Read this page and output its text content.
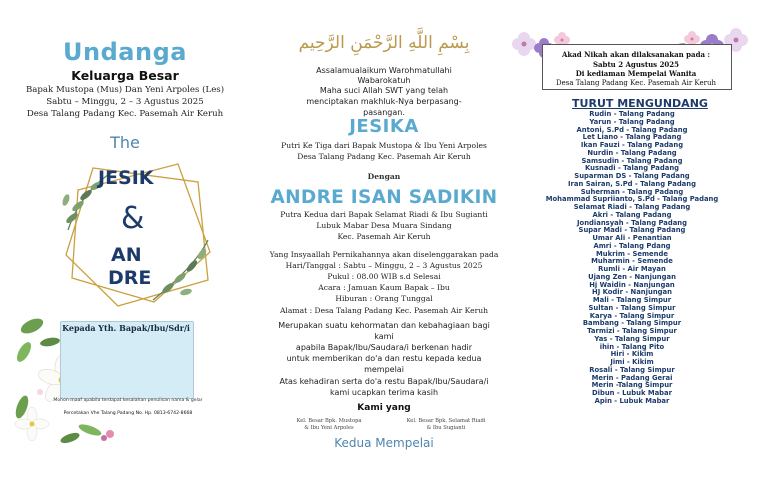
Undanga
Keluarga Besar
Bapak Mustopa (Mus) Dan Yeni Arpoles (Les)
Sabtu – Minggu, 2 – 3 Agustus 2025
Desa Talang Padang Kec. Pasemah Air Keruh
The
JESIK
&
AN
DRE
Kepada Yth. Bapak/Ibu/Sdr/i
Mohon maaf apabila terdapat kesalahan penulisan nama & gelar
Percetakan Vhe Talang Padang No. Hp. 0813-6742-8668
بِسْمِ اللَّهِ الرَّحْمَنِ الرَّحِيم
Assalamualaikum Warohmatullahi
Wabarokatuh
Maha suci Allah SWT yang telah
menciptakan makhluk-Nya berpasang-
pasangan.
JESIKA
Putri Ke Tiga dari Bapak Mustopa & Ibu Yeni Arpoles
Desa Talang Padang Kec. Pasemah Air Keruh
Dengan
ANDRE ISAN SADIKIN
Putra Kedua dari Bapak Selamat Riadi & Ibu Sugianti
Lubuk Mabar Desa Muara Sindang
Kec. Pasemah Air Keruh
Yang Insyaallah Pernikahannya akan diselenggarakan pada
Hari/Tanggal : Sabtu – Minggu, 2 – 3 Agustus 2025
Pukul : 08.00 WIB s.d Selesai
Acara : Jamuan Kaum Bapak – Ibu
Hiburan : Orang Tunggal
Alamat : Desa Talang Padang Kec. Pasemah Air Keruh
Merupakan suatu kehormatan dan kebahagiaan bagi
kami
apabila Bapak/Ibu/Saudara/i berkenan hadir
untuk memberikan do'a dan restu kepada kedua
mempelai
Atas kehadiran serta do'a restu Bapak/Ibu/Saudara/i
kami ucapkan terima kasih
Kami yang
Kel. Besar Bpk. Mustopa
& Ibu Yeni Arpoles
Kel. Besar Bpk. Selamat Riadi
& Ibu Sugianti
Kedua Mempelai
Akad Nikah akan dilaksanakan pada :
Sabtu 2 Agustus 2025
Di kediaman Mempelai Wanita
Desa Talang Padang Kec. Pasemah Air Keruh
TURUT MENGUNDANG
Rudin - Talang Padang
Yarun - Talang Padang
Antoni, S.Pd - Talang Padang
Let Liano - Talang Padang
Ikan Fauzi - Talang Padang
Nurdin - Talang Padang
Samsudin - Talang Padang
Kusnadi - Talang Padang
Suparman DS - Talang Padang
Iran Sairan, S.Pd - Talang Padang
Suherman - Talang Padang
Mohammad Supriianto, S.Pd - Talang Padang
Selamat Riadi - Talang Padang
Akri - Talang Padang
Jondiansyah - Talang Padang
Supar Madi - Talang Padang
Umar Ali - Penantian
Amri - Talang Pdang
Mukrim - Semende
Muharmin - Semende
Rumli - Air Mayan
Ujang Zen - Nanjungan
Hj Waidin - Nanjungan
HJ Kodir - Nanjungan
Mali - Talang Simpur
Sultan - Talang Simpur
Karya - Talang Simpur
Bambang - Talang Simpur
Tarmizi - Talang Simpur
Yas - Talang Simpur
ihin - Talang Pito
Hiri - Kikim
Jimi - Kikim
Rosali - Talang Simpur
Merin - Padang Gerai
Merin -Talang Simpur
Dibun - Lubuk Mabar
Apin - Lubuk Mabar
